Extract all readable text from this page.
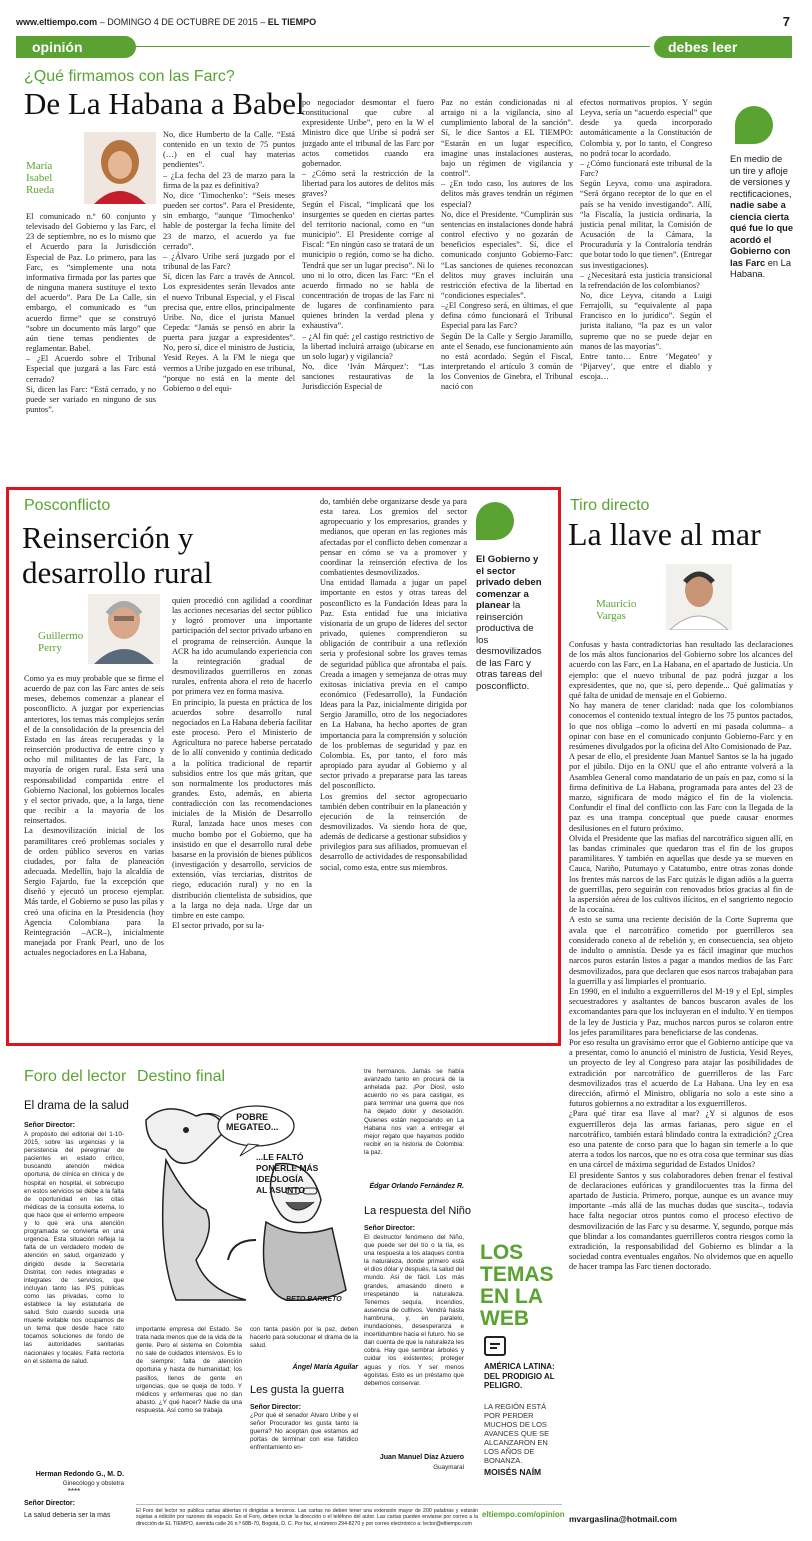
www.eltiempo.com – DOMINGO 4 DE OCTUBRE DE 2015 – EL TIEMPO	7
opinión	debes leer
¿Qué firmamos con las Farc?
De La Habana a Babel
María
Isabel
Rueda
El comunicado n.º 60 conjunto y televisado del Gobierno y las Farc, el 23 de septiembre, no es lo mismo que el Acuerdo para la Jurisdicción Especial de Paz. Lo primero, para las Farc, es “simplemente una nota informativa firmada por las partes que de ninguna manera sustituye el texto del acuerdo”. Para De La Calle, sin embargo, el comunicado es “un acuerdo firme” que se construyó “sobre un documento más largo” que aún tiene temas pendientes de reglamentar. Babel.
– ¿El Acuerdo sobre el Tribunal Especial que juzgará a las Farc está cerrado?
Si, dicen las Farc: “Está cerrado, y no puede ser variado en ninguno de sus puntos”.
No, dice Humberto de la Calle. “Está contenido en un texto de 75 puntos (…) en el cual hay materias pendientes”.
– ¿La fecha del 23 de marzo para la firma de la paz es definitiva?
No, dice ‘Timochenko’: “Seis meses pueden ser cortos”. Para el Presidente, sin embargo, “aunque ‘Timochenko’ hable de postergar la fecha límite del 23 de marzo, el acuerdo ya fue cerrado”.
– ¿Álvaro Uribe será juzgado por el tribunal de las Farc?
Sí, dicen las Farc a través de Anncol. Los expresidentes serán llevados ante el nuevo Tribunal Especial, y el Fiscal precisa que, entre ellos, principalmente Uribe. No, dice el jurista Manuel Cepeda: “Jamás se pensó en abrir la puerta para juzgar a expresidentes”. No, pero sí, dice el ministro de Justicia, Yesid Reyes. A la FM le niega que vermos a Uribe juzgado en ese tribunal, “porque no está en la mente del Gobierno o del equi-
po negociador desmontar el fuero constitucional que cubre al expresidente Uribe”, pero en la W el Ministro dice que Uribe sí podrá ser juzgado ante el tribunal de las Farc por actos cometidos cuando era gobernador.
– ¿Cómo será la restricción de la libertad para los autores de delitos más graves?
Según el Fiscal, “implicará que los insurgentes se queden en ciertas partes del territorio nacional, como en “un municipio”. El Presidente corrige al Fiscal: “En ningún caso se tratará de un municipio o región, como se ha dicho. Tendrá que ser un lugar preciso”. Ni lo uno ni lo otro, dicen las Farc: “En el acuerdo firmado no se habla de concentración de tropas de las Farc ni de lugares de confinamiento para quienes brinden la verdad plena y exhaustiva”.
– ¿Al fin qué: ¿el castigo restrictivo de la libertad incluirá arraigo (ubicarse en un solo lugar) y vigilancia?
No, dice ‘Iván Márquez’: “Las sanciones restaurativas de la Jurisdicción Especial de
Paz no están condicionadas ni al arraigo ni a la vigilancia, sino al cumplimiento laboral de la sanción”. Sí, le dice Santos a EL TIEMPO: “Estarán en un lugar específico, imagine unas instalaciones austeras, bajo un régimen de vigilancia y control”.
– ¿En todo caso, los autores de los delitos más graves tendrán un régimen especial?
No, dice el Presidente. “Cumplirán sus sentencias en instalaciones donde habrá control efectivo y no gozarán de beneficios especiales”. Sí, dice el comunicado conjunto Gobierno-Farc: “Las sanciones de quienes reconozcan delitos muy graves incluirán una restricción efectiva de la libertad en “condiciones especiales”.
–¿El Congreso será, en últimas, el que defina cómo funcionará el Tribunal Especial para las Farc?
Según De la Calle y Sergio Jaramillo, ante el Senado, ese funcionamiento aún no está acordado. Según el Fiscal, interpretando el artículo 3 común de los Convenios de Ginebra, el Tribunal nació con
efectos normativos propios. Y según Leyva, sería un “acuerdo especial” que desde ya queda incorporado automáticamente a la Constitución de Colombia y, por lo tanto, el Congreso no podrá tocar lo acordado.
– ¿Cómo funcionará este tribunal de la Farc?
Según Leyva, como una aspiradora. “Será órgano receptor de lo que en el país se ha venido investigando”. Allí, “la Fiscalía, la justicia ordinaria, la justicia penal militar, la Comisión de Acusación de la Cámara, la Procuraduría y la Contraloría tendrán que botar todo lo que tienen”. (Entregar sus investigaciones).
– ¿Necesitará esta justicia transicional la refrendación de los colombianos?
No, dice Leyva, citando a Luigi Ferrajolli, su “equivalente al papa Francisco en lo jurídico”. Según el jurista italiano, “la paz es un valor supremo que no se puede dejar en manos de las mayorías”.
Entre tanto… Entre ‘Megateo’ y ‘Pijarvey’, que entre el diablo y escoja…
En medio de un tire y afloje de versiones y rectificaciones, nadie sabe a ciencia cierta qué fue lo que acordó el Gobierno con las Farc en La Habana.
Posconflicto
Reinserción y desarrollo rural
Guillermo
Perry
Como ya es muy probable que se firme el acuerdo de paz con las Farc antes de seis meses, debemos comenzar a planear el posconflicto. A juzgar por experiencias anteriores, los temas más complejos serán el de la consolidación de la presencia del Estado en las áreas recuperadas y la reinserción productiva de entre cinco y ocho mil militantes de las Farc, la mayoría de origen rural. Esta será una responsabilidad compartida entre el Gobierno Nacional, los gobiernos locales y el sector privado, que, a la larga, tiene que recibir a la mayoría de los reinsertados.
La desmovilización inicial de los paramilitares creó problemas sociales y de orden público severos en varias ciudades, por falta de planeación adecuada. Medellín, bajo la alcaldía de Sergio Fajardo, fue la excepción que diseñó y ejecutó un proceso ejemplar. Más tarde, el Gobierno se puso las pilas y creó una oficina en la Presidencia (hoy Agencia Colombiana para la Reintegración –ACR–), inicialmente manejada por Frank Pearl, uno de los actuales negociadores en La Habana,
quien procedió con agilidad a coordinar las acciones necesarias del sector público y logró promover una importante participación del sector privado urbano en el programa de reinserción. Aunque la ACR ha ido acumulando experiencia con la reintegración gradual de desmovilizados guerrilleros en zonas rurales, enfrenta ahora el reto de hacerlo por primera vez en forma masiva.
En principio, la puesta en práctica de los acuerdos sobre desarrollo rural negociados en La Habana debería facilitar este proceso. Pero el Ministerio de Agricultura no parece haberse percatado de lo allí convenido y continúa dedicado a la política tradicional de repartir subsidios entre los que más gritan, que son normalmente los productores más grandes. Esto, además, en abierta contradicción con las recomendaciones iniciales de la Misión de Desarrollo Rural, lanzada hace unos meses con mucho bombo por el Gobierno, que ha insistido en que el desarrollo rural debe basarse en la provisión de bienes públicos (investigación y desarrollo, servicios de extensión, vías terciarias, distritos de riego, educación rural) y no en la distribución clientelista de subsidios, que a la larga no deja nada. Urge dar un timbre en este campo.
El sector privado, por su la-
do, también debe organizarse desde ya para esta tarea. Los gremios del sector agropecuario y los empresarios, grandes y medianos, que operan en las regiones más afectadas por el conflicto deben comenzar a pensar en cómo se va a promover y coordinar la reinserción efectiva de los combatientes desmovilizados.
Una entidad llamada a jugar un papel importante en estos y otras tareas del posconflicto es la Fundación Ideas para la Paz. Esta entidad fue una iniciativa visionaria de un grupo de líderes del sector privado, quienes comprendieron su obligación de contribuir a una reflexión seria y profesional sobre los graves temas de seguridad pública que afrontaba el país. Creada a imagen y semejanza de otras muy exitosas iniciativa previa en el campo económico (Fedesarrollo), la Fundación Ideas para la Paz, inicialmente dirigida por Sergio Jaramillo, otro de los negociadores en La Habana, ha hecho aportes de gran importancia para la comprensión y solución de los problemas de seguridad y paz en Colombia. Es, por tanto, el foro más apropiado para ayudar al Gobierno y al sector privado a prepararse para las tareas del posconflicto.
Los gremios del sector agropecuario también deben contribuir en la planeación y ejecución de la reinserción de desmovilizados. Va siendo hora de que, además de dedicarse a gestionar subsidios y privilegios para sus afiliados, promuevan el desarrollo de actividades de responsabilidad social, como esta, entre sus miembros.
El Gobierno y el sector privado deben comenzar a planear la reinserción productiva de los desmovilizados de las Farc y otras tareas del posconflicto.
Tiro directo
La llave al mar
Mauricio
Vargas
Confusas y hasta contradictorias han resultado las declaraciones de los más altos funcionarios del Gobierno sobre los alcances del acuerdo con las Farc, en La Habana, en el apartado de Justicia. Un ejemplo: que el nuevo tribunal de paz podrá juzgar a los expresidentes, que no, que sí, pero depende... Qué galimatías y qué falta de unidad de mensaje en el Gobierno.
No hay manera de tener claridad: nada que los colombianos conocemos el contenido textual íntegro de los 75 puntos pactados, lo que nos obliga –como lo advertí en mi pasada columna– a opinar con base en el comunicado conjunto Gobierno-Farc y en resúmenes divulgados por la oficina del Alto Comisionado de Paz.
A pesar de ello, el presidente Juan Manuel Santos se la ha jugado por el júbilo. Dijo en la ONU que el año entrante volverá a la Asamblea General como mandatario de un país en paz, como si la firma definitiva de La Habana, programada para antes del 23 de marzo, significara de modo mágico el fin de la violencia. Confundir el final del conflicto con las Farc con la llegada de la paz es una trampa conceptual que puede causar enormes desilusiones en el futuro próximo.
Olvida el Presidente que las mafias del narcotráfico siguen allí, en las bandas criminales que quedaron tras el fin de los grupos paramilitares. Y también en aquellas que desde ya se mueven en Cauca, Nariño, Putumayo y Catatumbo, entre otras zonas donde los frentes más narcos de las Farc quizás le digan adiós a la guerra de guerrillas, pero seguirán con renovados bríos gracias al fin de la aspersión aérea de los cultivos ilícitos, en el sangriento negocio de la cocaína.
A esto se suma una reciente decisión de la Corte Suprema que avala que el narcotráfico cometido por guerrilleros sea considerado conexo al de rebelión y, en consecuencia, sea objeto de indulto o amnistía. Desde ya es fácil imaginar que muchos narcos puros estarán listos a pagar a mandos medios de las Farc desmovilizados, para que declaren que esos narcos trabajaban para la guerrilla y así limpiarles el prontuario.
En 1990, en el indulto a exguerrilleros del M-19 y el Epl, simples secuestradores y asaltantes de bancos buscaron avales de los excomandantes para que los incluyeran en el indulto. Y en tiempos de la ley de Justicia y Paz, muchos narcos puros se colaron entre los jefes paramilitares para beneficiarse de las condenas.
Por eso resulta un gravísimo error que el Gobierno anticipe que va a presentar, como lo anunció el ministro de Justicia, Yesid Reyes, un proyecto de ley al Congreso para atajar las posibilidades de extradición por narcotráfico de guerrilleros de las Farc desmovilizados tras el acuerdo de La Habana. Una ley en esa dirección, afirmó el Ministro, obligaría no solo a este sino a futuros gobiernos a no extraditar a los exguerrilleros.
¿Para qué tirar esa llave al mar? ¿Y si algunos de esos exguerrilleros deja las armas farianas, pero sigue en el narcotráfico, también estará blindado contra la extradición? ¿Crea eso una patente de corso para que lo hagan sin temerle a lo que aterra a todos los narcos, que no es otra cosa que terminar sus días en una cárcel de máxima seguridad de Estados Unidos?
El presidente Santos y sus colaboradores deben frenar el festival de declaraciones eufóricas y grandilocuentes tras la firma del apartado de Justicia. Primero, porque, aunque es un avance muy importante –más allá de las muchas dudas que suscita–, todavía hace falta negociar otros puntos como el proceso efectivo de desmovilización de las Farc y su desarme. Y, segundo, porque más que blindar a los comandantes guerrilleros contra riesgos como la extradición, la responsabilidad del Gobierno es blindar a la sociedad contra eventuales engaños. No olvidemos que en aquello de hacer trampa las Farc tienen doctorado.
mvargaslina@hotmail.com
Foro del lector
El drama de la salud
Señor Director:
A propósito del editorial del 1-10-2015, sobre las urgencias y la persistencia del peregrinar de pacientes en estado crítico, buscando atención médica oportuna, de clínica en clínica y de hospital en hospital, el sobrecupo en estos servicios se debe a la falta de oportunidad en las citas médicas de la consulta externa, lo que hace que el enfermo empeore y lo que era una atención programada se convierta en una urgencia. Esta situación refleja la falta de un verdadero modelo de atención en salud, organizado y dirigido desde la Secretaría Distrital, con redes integradas e integrales de servicios, que incluyan tanto las IPS públicas como las privadas, como lo establece la ley estatutaria de salud. Solo cuando suceda una muerte evitable nos ocupamos de un tema que desde hace rato tocamos soluciones de fondo de las autoridades sanitarias nacionales y locales. Falta rectoría en el sistema de salud.
Herman Redondo G., M. D.
Ginecólogo y obstetra
****
Señor Director:
La salud debería ser la más
Destino final
POBRE
MEGATEO...
...LE FALTÓ
PONERLE MÁS
IDEOLOGÍA
AL ASUNTO
BETO BARRETO
importante empresa del Estado. Se trata nada menos que de la vida de la gente. Pero el sistema en Colombia no sale de cuidados intensivos. Es lo de siempre: falta de atención oportuna y hasta de humanidad; los pasillos, llenos de gente en urgencias, que se queja de todo. Y médicos y enfermeras que no dan abasto. ¿Y qué hacer? Nadie da una respuesta. Así como se trabaja
con tanta pasión por la paz, deben hacerlo para solucionar el drama de la salud.
Ángel María Aguilar
Les gusta la guerra
Señor Director:
¿Por qué el senador Álvaro Uribe y el señor Procurador les gusta tanto la guerra? No aceptan que estamos ad portas de terminar con ese fatídico enfrentamiento en-
tre hermanos. Jamás se había avanzado tanto en procura de la anhelada paz. ¡Por Dios!, esto acuerdo no es para castigar, es para terminar una guerra que nos ha dejado dolor y desolación. Quienes están negociando en La Habana nos van a entregar el mejor regalo que hayamos podido recibir en la historia de Colombia: la paz.
Édgar Orlando Fernández R.
La respuesta del Niño
Señor Director:
El destructor fenómeno del Niño, que puede ser del tío o la tía, es una respuesta a los ataques contra la naturaleza, donde primero está el dios dólar y después, la salud del mundo. Así de fácil. Los más grandes, amasando dinero e irrespetando la naturaleza. Tenemos sequía, incendios, ausencia de cultivos. Vendrá hasta hambruna, y, en paralelo, inundaciones, desesperanza e incertidumbre hacia el futuro. No se dan cuenta de que la naturaleza les cobra. Hay que sembrar árboles y cuidar los existentes; proteger aguas y ríos. Y ser menos egoístas. Esto es un préstamo que debemos conservar.
Juan Manuel Díaz Azuero
Guaymaral
LOS
TEMAS
EN LA
WEB
AMÉRICA LATINA: DEL PRODIGIO AL PELIGRO.
LA REGIÓN ESTÁ POR PERDER MUCHOS DE LOS AVANCES QUE SE ALCANZARON EN LOS AÑOS DE BONANZA.
MOISÉS NAÍM
El Foro del lector no publica cartas abiertas ni dirigidas a terceros. Las cartas no deben tener una extensión mayor de 200 palabras y estarán sujetas a edición por razones de espacio. En el Foro, deben incluir la dirección o el teléfono del autor. Las cartas pueden enviarse por correo a la dirección de EL TIEMPO, avenida calle 26 n.º 68B-70, Bogotá, D. C. Por fax, al número 294-8270 y por correo electrónico a: lector@eltiempo.com
eltiempo.com/opinion
